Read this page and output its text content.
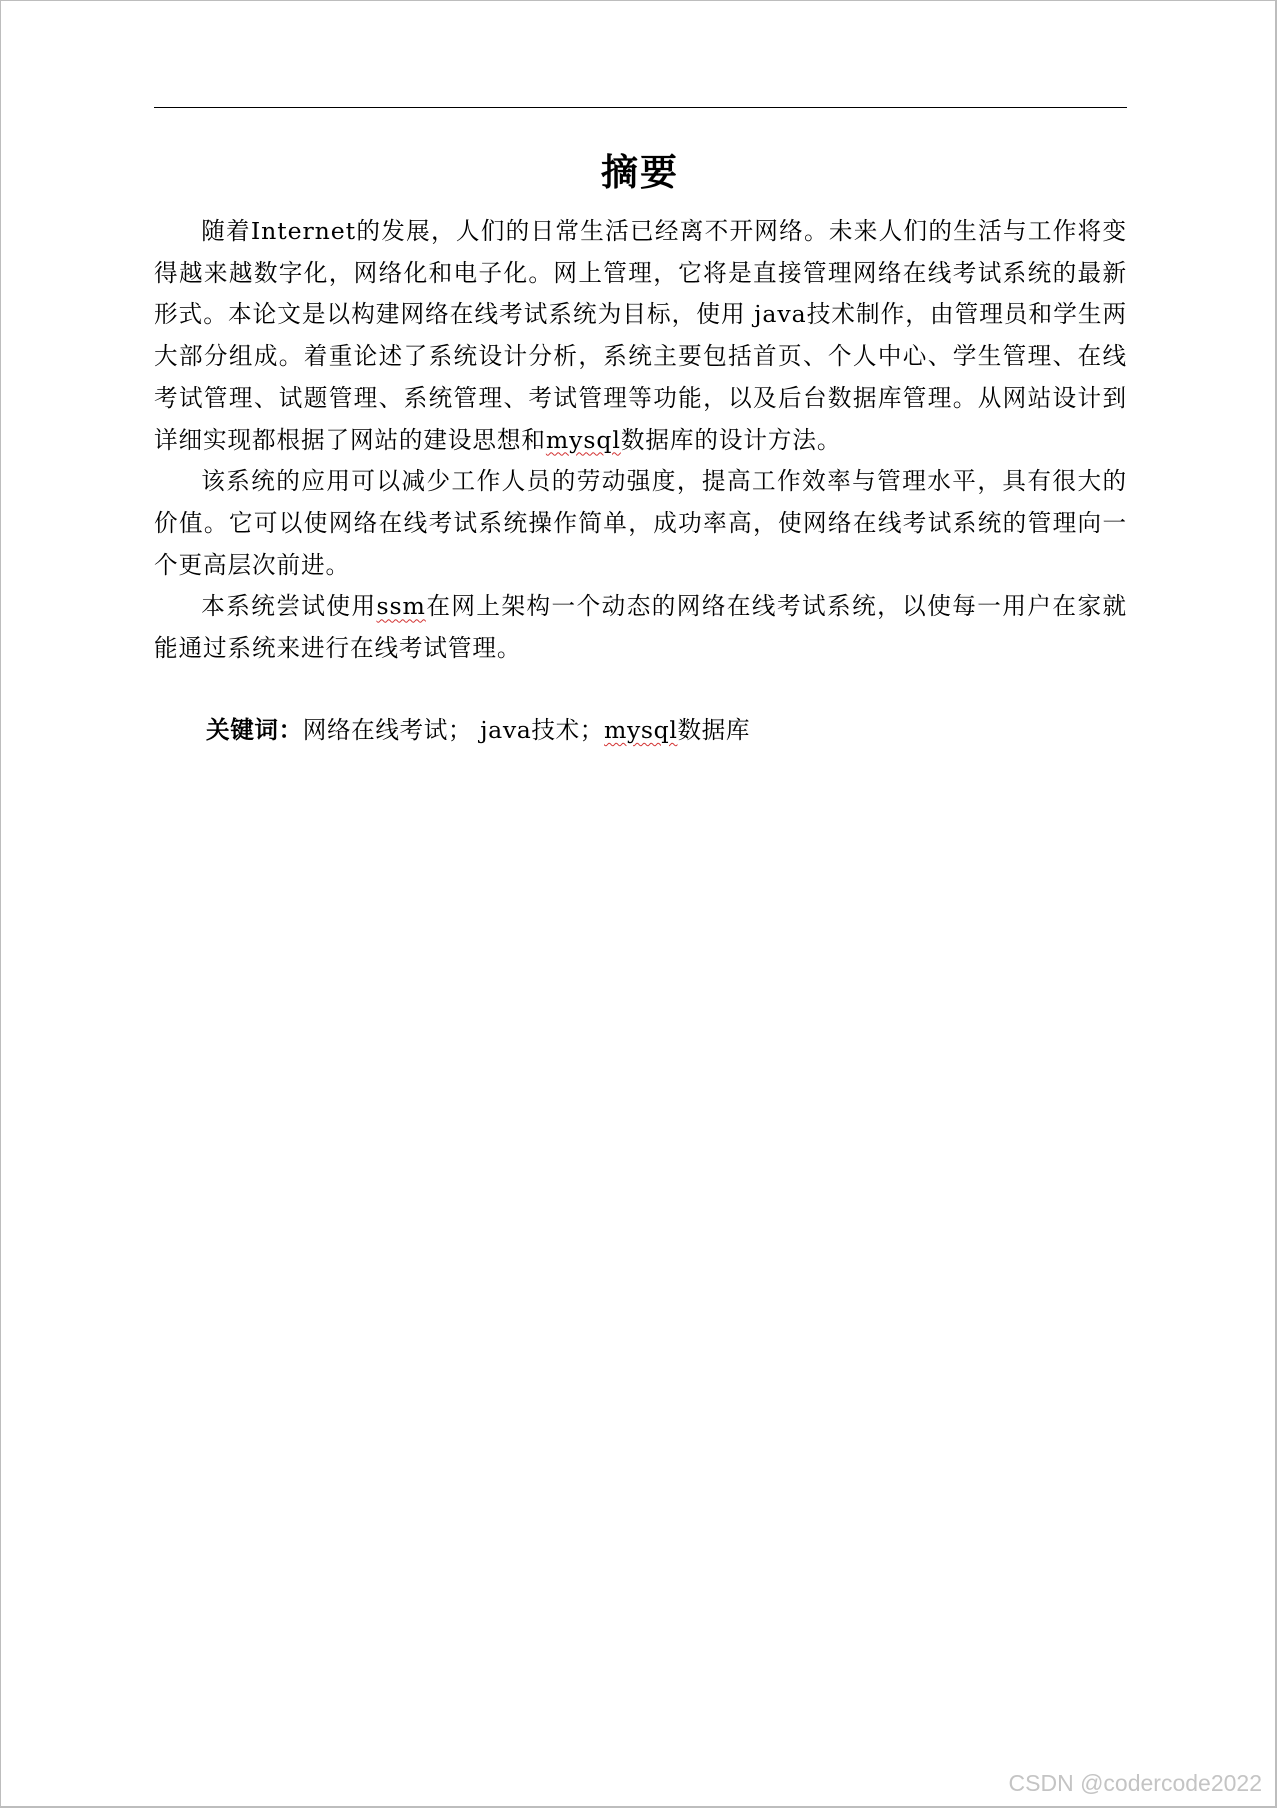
摘要

随着Internet的发展，人们的日常生活已经离不开网络。未来人们的生活与工作将变得越来越数字化，网络化和电子化。网上管理，它将是直接管理网络在线考试系统的最新形式。本论文是以构建网络在线考试系统为目标，使用 java技术制作，由管理员和学生两大部分组成。着重论述了系统设计分析，系统主要包括首页、个人中心、学生管理、在线考试管理、试题管理、系统管理、考试管理等功能，以及后台数据库管理。从网站设计到详细实现都根据了网站的建设思想和mysql数据库的设计方法。

该系统的应用可以减少工作人员的劳动强度，提高工作效率与管理水平，具有很大的价值。它可以使网络在线考试系统操作简单，成功率高，使网络在线考试系统的管理向一个更高层次前进。

本系统尝试使用ssm在网上架构一个动态的网络在线考试系统，以使每一用户在家就能通过系统来进行在线考试管理。

关键词：网络在线考试； java技术；mysql数据库
CSDN @codercode2022
